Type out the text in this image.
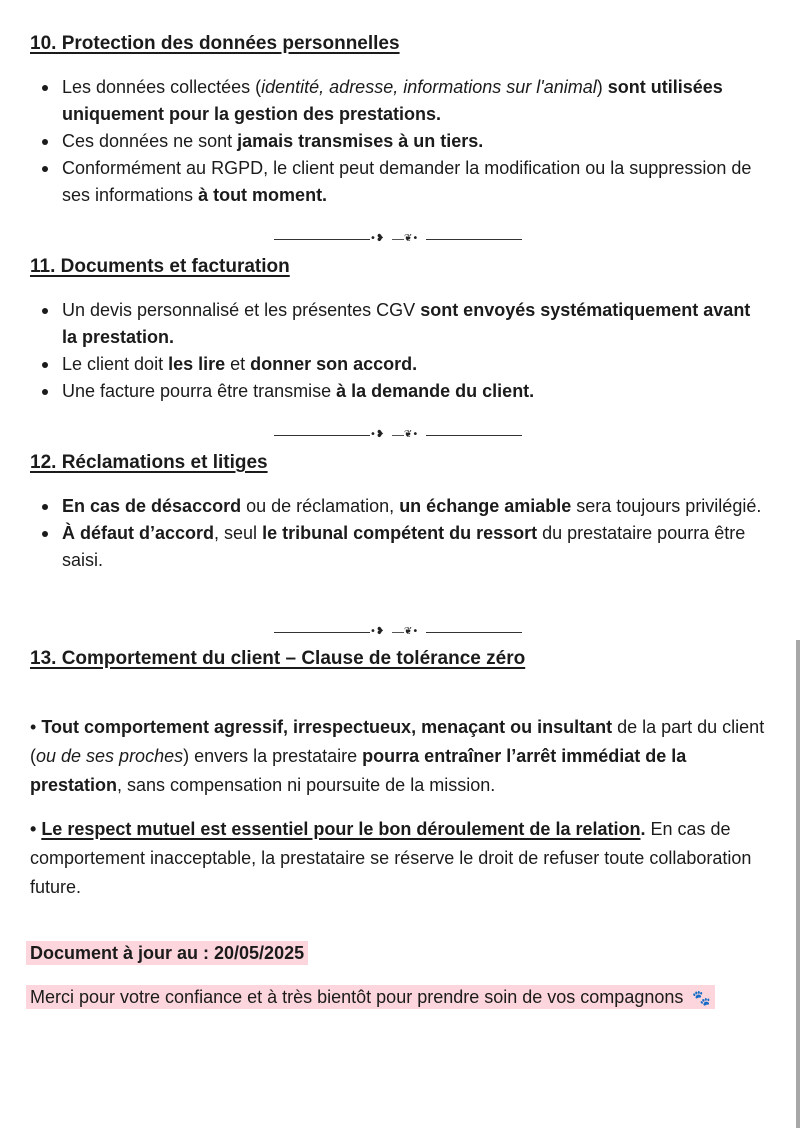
10. Protection des données personnelles
Les données collectées (identité, adresse, informations sur l'animal) sont utilisées uniquement pour la gestion des prestations.
Ces données ne sont jamais transmises à un tiers.
Conformément au RGPD, le client peut demander la modification ou la suppression de ses informations à tout moment.
•❥ ❦•
11. Documents et facturation
Un devis personnalisé et les présentes CGV sont envoyés systématiquement avant la prestation.
Le client doit les lire et donner son accord.
Une facture pourra être transmise à la demande du client.
•❥ ❦•
12. Réclamations et litiges
En cas de désaccord ou de réclamation, un échange amiable sera toujours privilégié.
À défaut d’accord, seul le tribunal compétent du ressort du prestataire pourra être saisi.
•❥ ❦•
13. Comportement du client – Clause de tolérance zéro

• Tout comportement agressif, irrespectueux, menaçant ou insultant de la part du client (ou de ses proches) envers la prestataire pourra entraîner l’arrêt immédiat de la prestation, sans compensation ni poursuite de la mission.

• Le respect mutuel est essentiel pour le bon déroulement de la relation. En cas de comportement inacceptable, la prestataire se réserve le droit de refuser toute collaboration future.

Document à jour au : 20/05/2025
Merci pour votre confiance et à très bientôt pour prendre soin de vos compagnons 🐾
